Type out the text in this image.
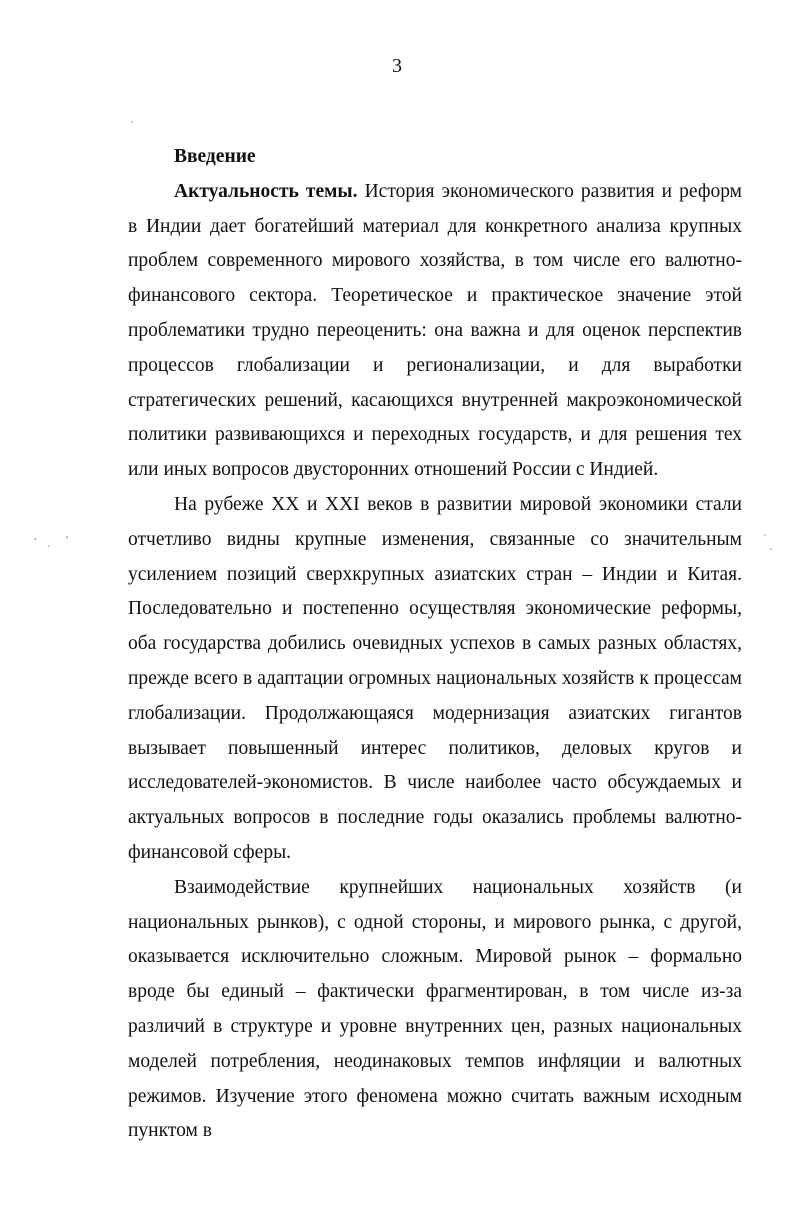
3

Введение

Актуальность темы. История экономического развития и реформ в Индии дает богатейший материал для конкретного анализа крупных проблем современного мирового хозяйства, в том числе его валютно-финансового сектора. Теоретическое и практическое значение этой проблематики трудно переоценить: она важна и для оценок перспектив процессов глобализации и регионализации, и для выработки стратегических решений, касающихся внутренней макроэкономической политики развивающихся и переходных государств, и для решения тех или иных вопросов двусторонних отношений России с Индией.

На рубеже XX и XXI веков в развитии мировой экономики стали отчетливо видны крупные изменения, связанные со значительным усилением позиций сверхкрупных азиатских стран – Индии и Китая. Последовательно и постепенно осуществляя экономические реформы, оба государства добились очевидных успехов в самых разных областях, прежде всего в адаптации огромных национальных хозяйств к процессам глобализации. Продолжающаяся модернизация азиатских гигантов вызывает повышенный интерес политиков, деловых кругов и исследователей-экономистов. В числе наиболее часто обсуждаемых и актуальных вопросов в последние годы оказались проблемы валютно-финансовой сферы.

Взаимодействие крупнейших национальных хозяйств (и национальных рынков), с одной стороны, и мирового рынка, с другой, оказывается исключительно сложным. Мировой рынок – формально вроде бы единый – фактически фрагментирован, в том числе из-за различий в структуре и уровне внутренних цен, разных национальных моделей потребления, неодинаковых темпов инфляции и валютных режимов. Изучение этого феномена можно считать важным исходным пунктом в
